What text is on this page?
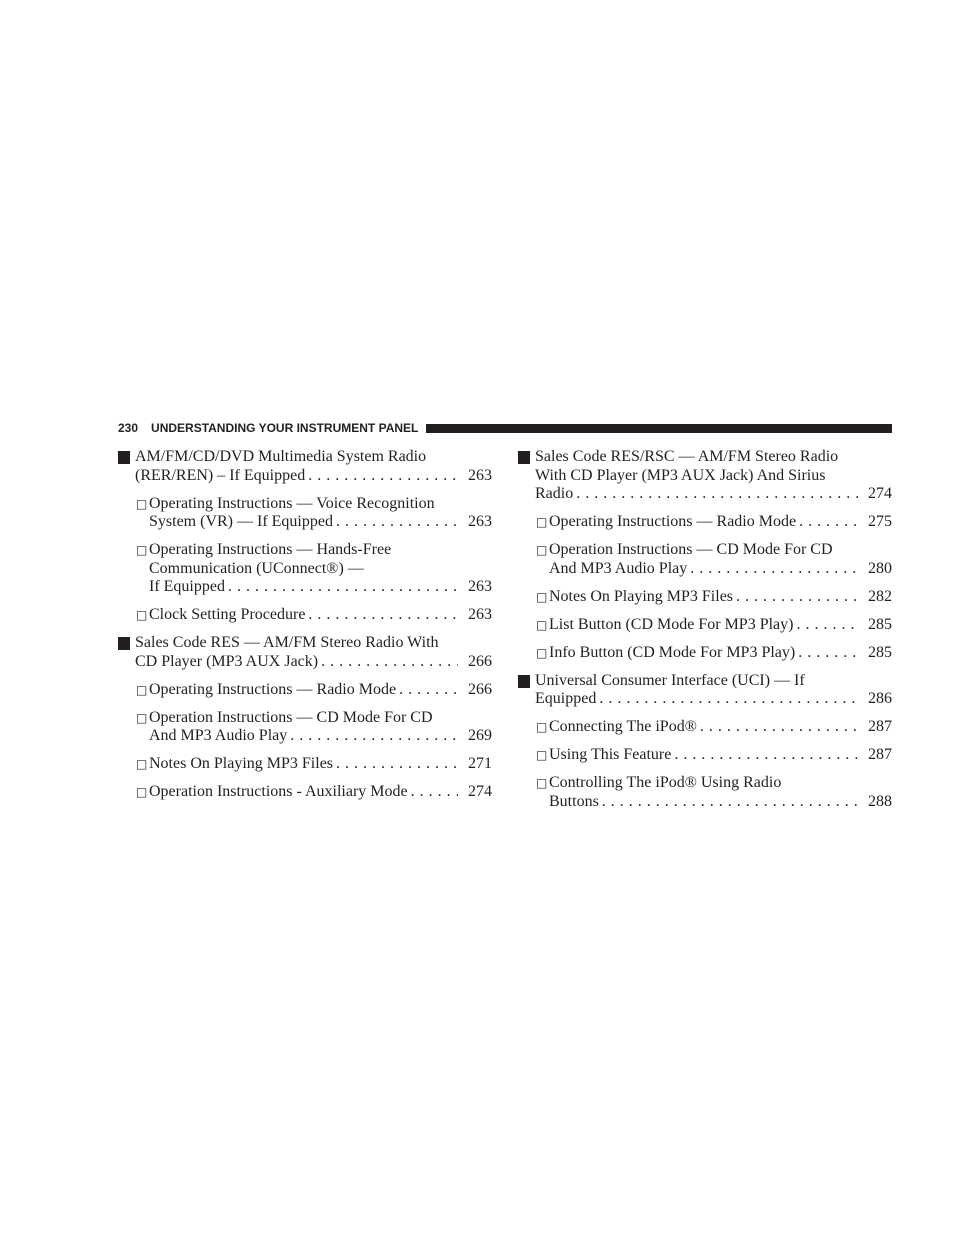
230 UNDERSTANDING YOUR INSTRUMENT PANEL
AM/FM/CD/DVD Multimedia System Radio
(RER/REN) – If Equipped . . .	263
□ Operating Instructions — Voice Recognition
System (VR) — If Equipped . . .	263
□ Operating Instructions — Hands-Free
Communication (UConnect®) —
If Equipped . . .	263
□ Clock Setting Procedure . . .	263
Sales Code RES — AM/FM Stereo Radio With
CD Player (MP3 AUX Jack) . . .	266
□ Operating Instructions — Radio Mode . . .	266
□ Operation Instructions — CD Mode For CD
And MP3 Audio Play . . .	269
□ Notes On Playing MP3 Files . . .	271
□ Operation Instructions - Auxiliary Mode . . .	274
Sales Code RES/RSC — AM/FM Stereo Radio
With CD Player (MP3 AUX Jack) And Sirius
Radio . . .	274
□ Operating Instructions — Radio Mode . . .	275
□ Operation Instructions — CD Mode For CD
And MP3 Audio Play . . .	280
□ Notes On Playing MP3 Files . . .	282
□ List Button (CD Mode For MP3 Play) . . .	285
□ Info Button (CD Mode For MP3 Play) . . .	285
Universal Consumer Interface (UCI) — If
Equipped . . .	286
□ Connecting The iPod® . . .	287
□ Using This Feature . . .	287
□ Controlling The iPod® Using Radio
Buttons . . .	288
